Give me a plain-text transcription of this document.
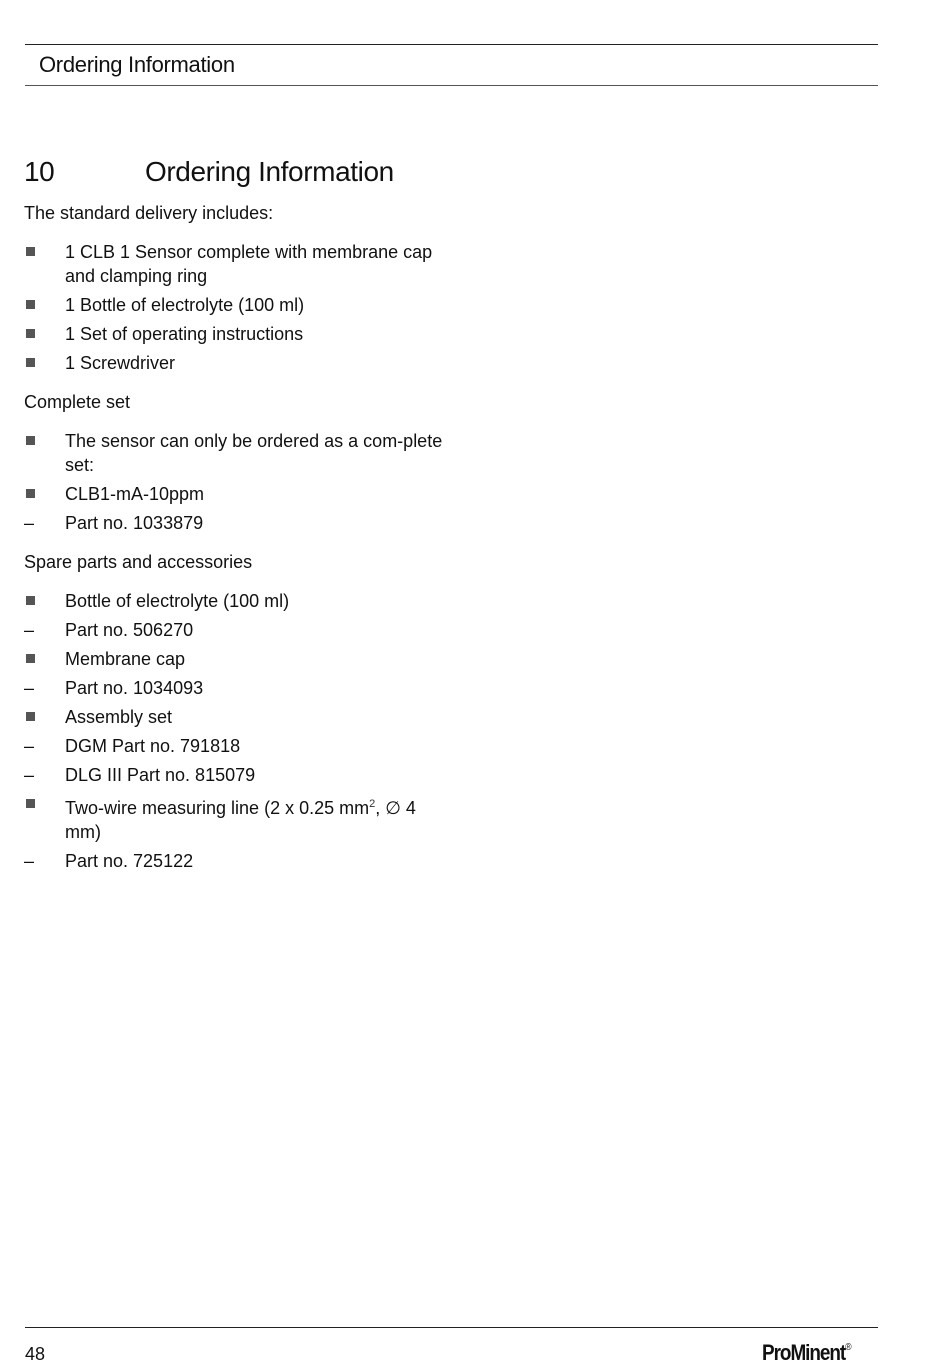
Ordering Information
10	Ordering Information

The standard delivery includes:

1 CLB 1 Sensor complete with membrane cap and clamping ring
1 Bottle of electrolyte (100 ml)
1 Set of operating instructions
1 Screwdriver

Complete set

The sensor can only be ordered as a com-plete set:
CLB1-mA-10ppm
– Part no. 1033879

Spare parts and accessories

Bottle of electrolyte (100 ml)
– Part no. 506270
Membrane cap
– Part no. 1034093
Assembly set
– DGM Part no. 791818
– DLG III Part no. 815079
Two-wire measuring line (2 x 0.25 $mm^2$, ∅ 4 mm)
– Part no. 725122
48	ProMinent®
